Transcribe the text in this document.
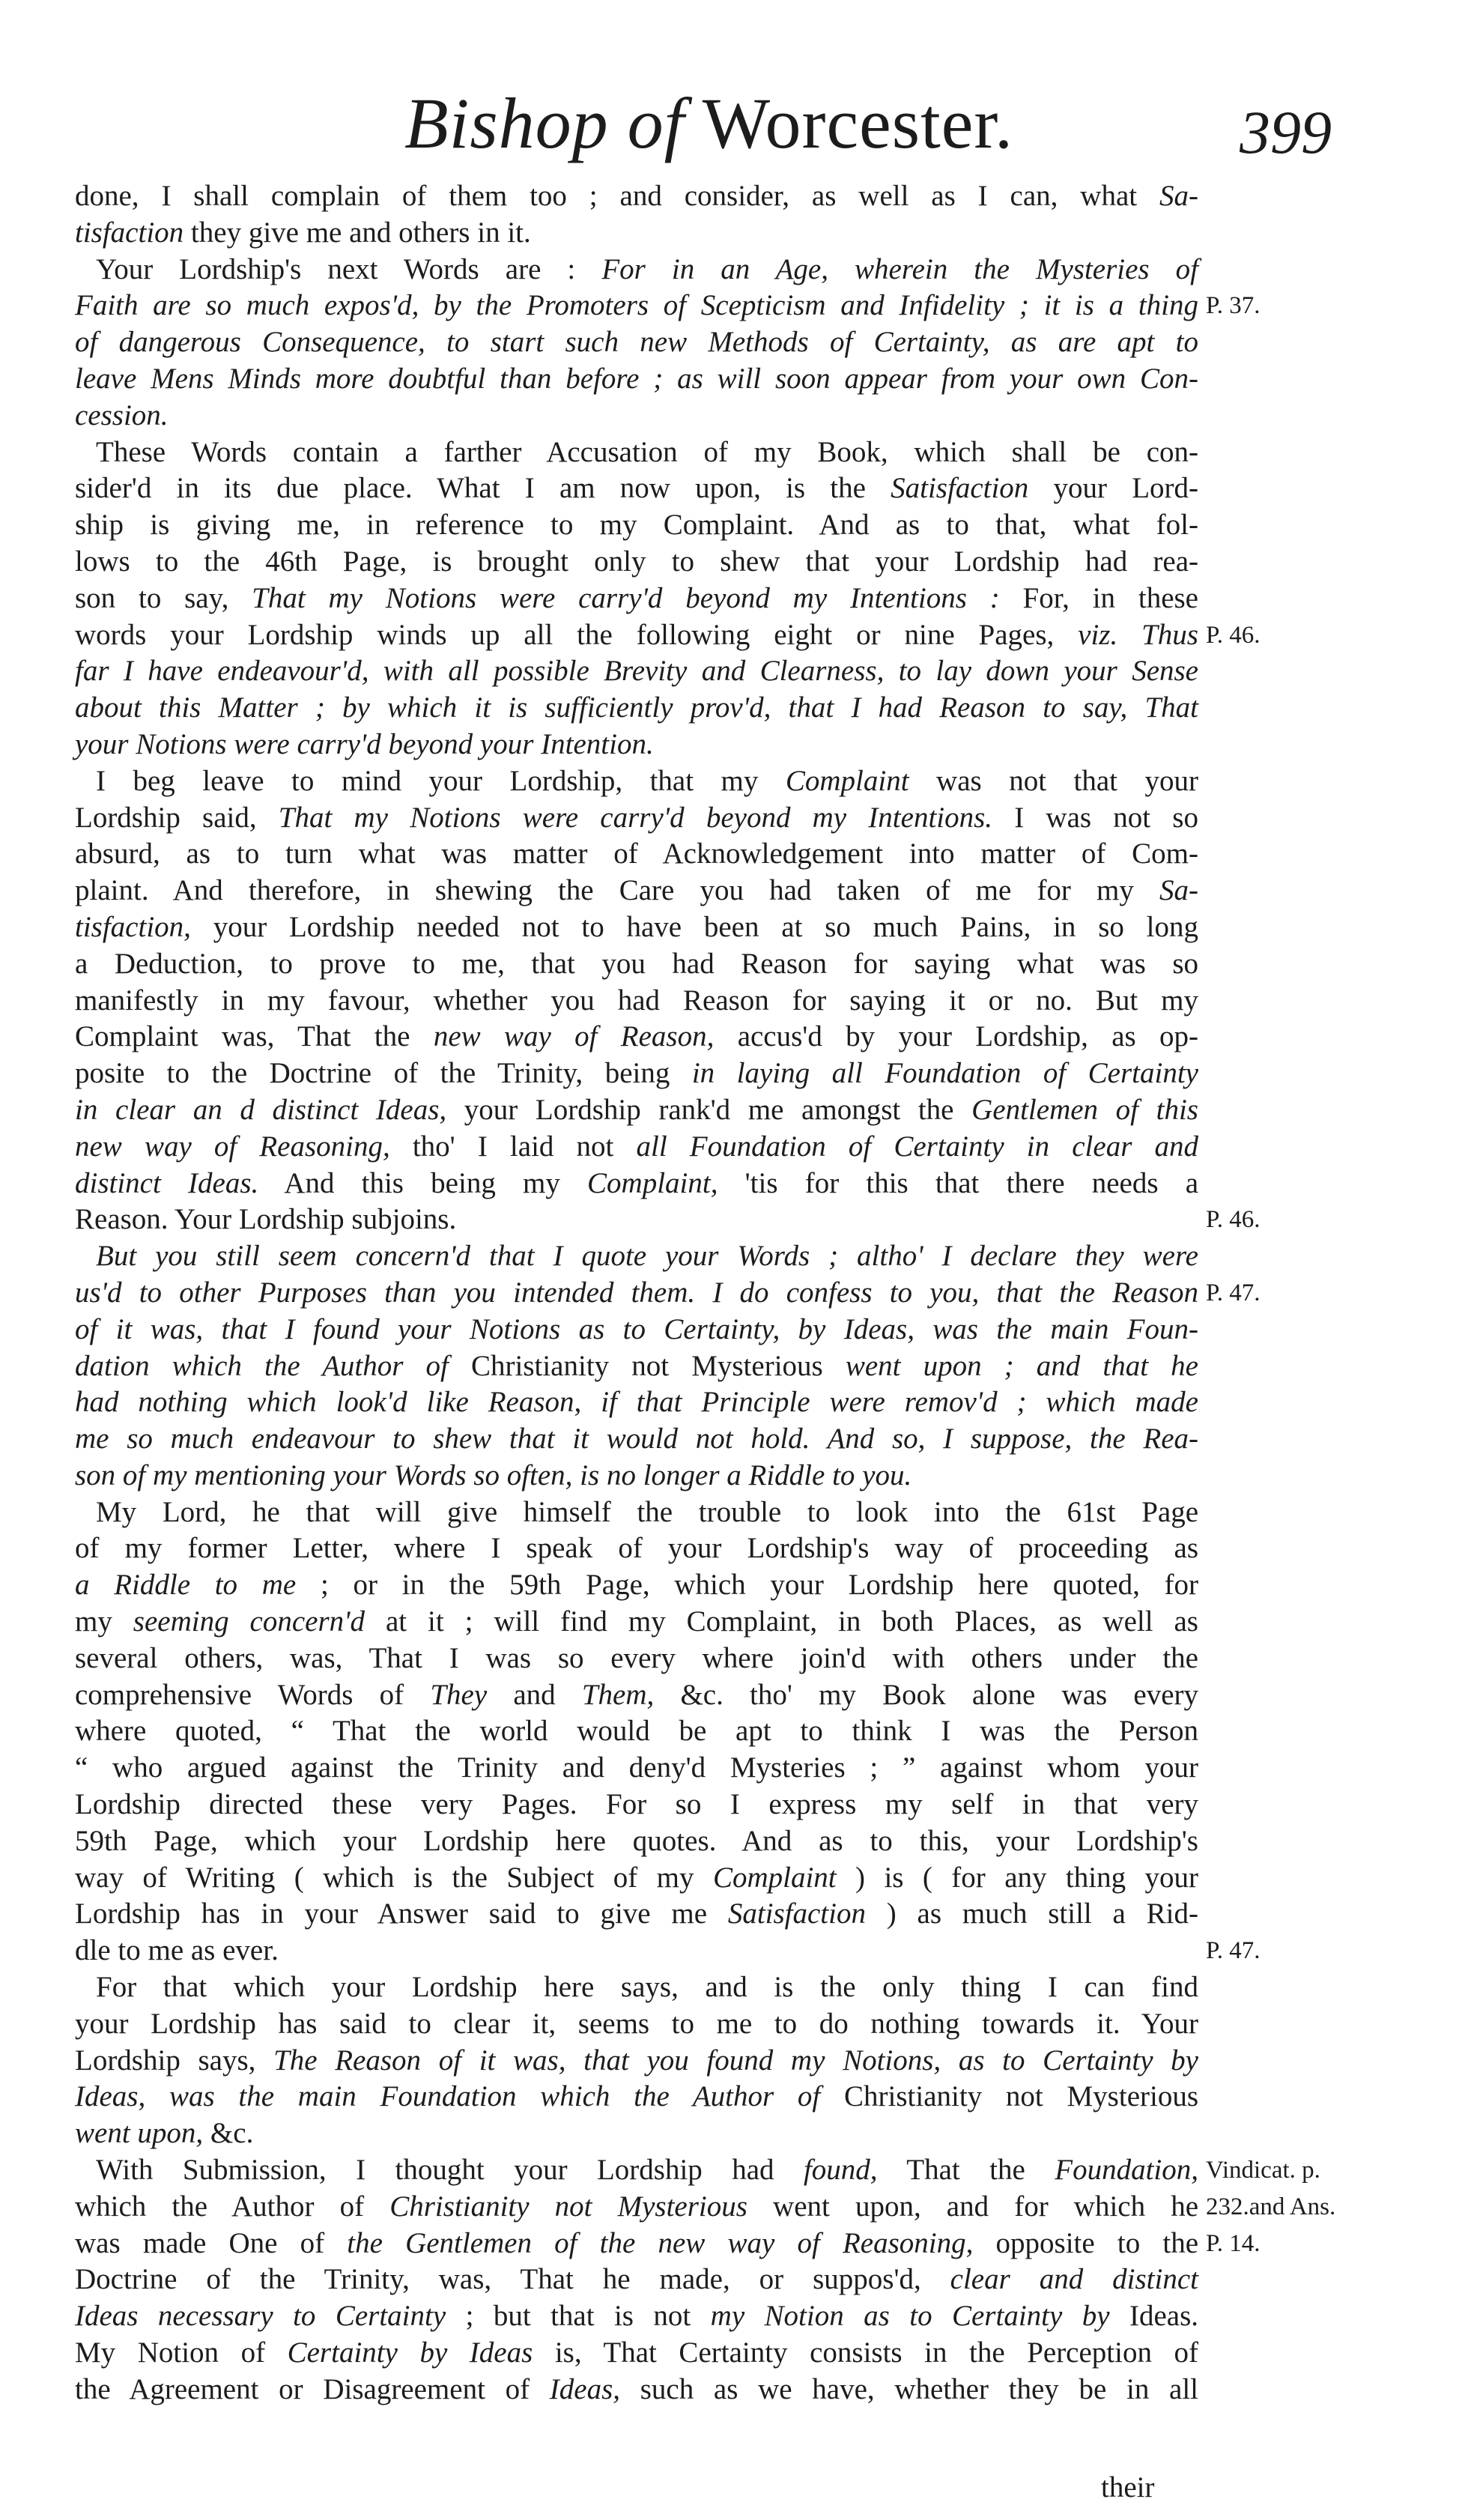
Bishop of Worcester.	399
done, I shall complain of them too ; and consider, as well as I can, what Sa-
tisfaction they give me and others in it.
Your Lordship's next Words are : For in an Age, wherein the Mysteries of
Faith are so much expos'd, by the Promoters of Scepticism and Infidelity ; it is a thing
of dangerous Consequence, to start such new Methods of Certainty, as are apt to
leave Mens Minds more doubtful than before ; as will soon appear from your own Con-
cession.
These Words contain a farther Accusation of my Book, which shall be con-
sider'd in its due place. What I am now upon, is the Satisfaction your Lord-
ship is giving me, in reference to my Complaint. And as to that, what fol-
lows to the 46th Page, is brought only to shew that your Lordship had rea-
son to say, That my Notions were carry'd beyond my Intentions : For, in these
words your Lordship winds up all the following eight or nine Pages, viz. Thus
far I have endeavour'd, with all possible Brevity and Clearness, to lay down your Sense
about this Matter ; by which it is sufficiently prov'd, that I had Reason to say, That
your Notions were carry'd beyond your Intention.
I beg leave to mind your Lordship, that my Complaint was not that your
Lordship said, That my Notions were carry'd beyond my Intentions. I was not so
absurd, as to turn what was matter of Acknowledgement into matter of Com-
plaint. And therefore, in shewing the Care you had taken of me for my Sa-
tisfaction, your Lordship needed not to have been at so much Pains, in so long
a Deduction, to prove to me, that you had Reason for saying what was so
manifestly in my favour, whether you had Reason for saying it or no. But my
Complaint was, That the new way of Reason, accus'd by your Lordship, as op-
posite to the Doctrine of the Trinity, being in laying all Foundation of Certainty
in clear an d distinct Ideas, your Lordship rank'd me amongst the Gentlemen of this
new way of Reasoning, tho' I laid not all Foundation of Certainty in clear and
distinct Ideas. And this being my Complaint, 'tis for this that there needs a
Reason. Your Lordship subjoins.
But you still seem concern'd that I quote your Words ; altho' I declare they were
us'd to other Purposes than you intended them. I do confess to you, that the Reason
of it was, that I found your Notions as to Certainty, by Ideas, was the main Foun-
dation which the Author of Christianity not Mysterious went upon ; and that he
had nothing which look'd like Reason, if that Principle were remov'd ; which made
me so much endeavour to shew that it would not hold. And so, I suppose, the Rea-
son of my mentioning your Words so often, is no longer a Riddle to you.
My Lord, he that will give himself the trouble to look into the 61st Page
of my former Letter, where I speak of your Lordship's way of proceeding as
a Riddle to me ; or in the 59th Page, which your Lordship here quoted, for
my seeming concern'd at it ; will find my Complaint, in both Places, as well as
several others, was, That I was so every where join'd with others under the
comprehensive Words of They and Them, &c. tho' my Book alone was every
where quoted, “ That the world would be apt to think I was the Person
“ who argued against the Trinity and deny'd Mysteries ; ” against whom your
Lordship directed these very Pages. For so I express my self in that very
59th Page, which your Lordship here quotes. And as to this, your Lordship's
way of Writing ( which is the Subject of my Complaint ) is ( for any thing your
Lordship has in your Answer said to give me Satisfaction ) as much still a Rid-
dle to me as ever.
For that which your Lordship here says, and is the only thing I can find
your Lordship has said to clear it, seems to me to do nothing towards it. Your
Lordship says, The Reason of it was, that you found my Notions, as to Certainty by
Ideas, was the main Foundation which the Author of Christianity not Mysterious
went upon, &c.
With Submission, I thought your Lordship had found, That the Foundation,
which the Author of Christianity not Mysterious went upon, and for which he
was made One of the Gentlemen of the new way of Reasoning, opposite to the
Doctrine of the Trinity, was, That he made, or suppos'd, clear and distinct
Ideas necessary to Certainty ; but that is not my Notion as to Certainty by Ideas.
My Notion of Certainty by Ideas is, That Certainty consists in the Perception of
the Agreement or Disagreement of Ideas, such as we have, whether they be in all
P. 37.
P. 46.
P. 46.
P. 47.
P. 47.
Vindicat. p.
232.and Ans.
P. 14.
their
